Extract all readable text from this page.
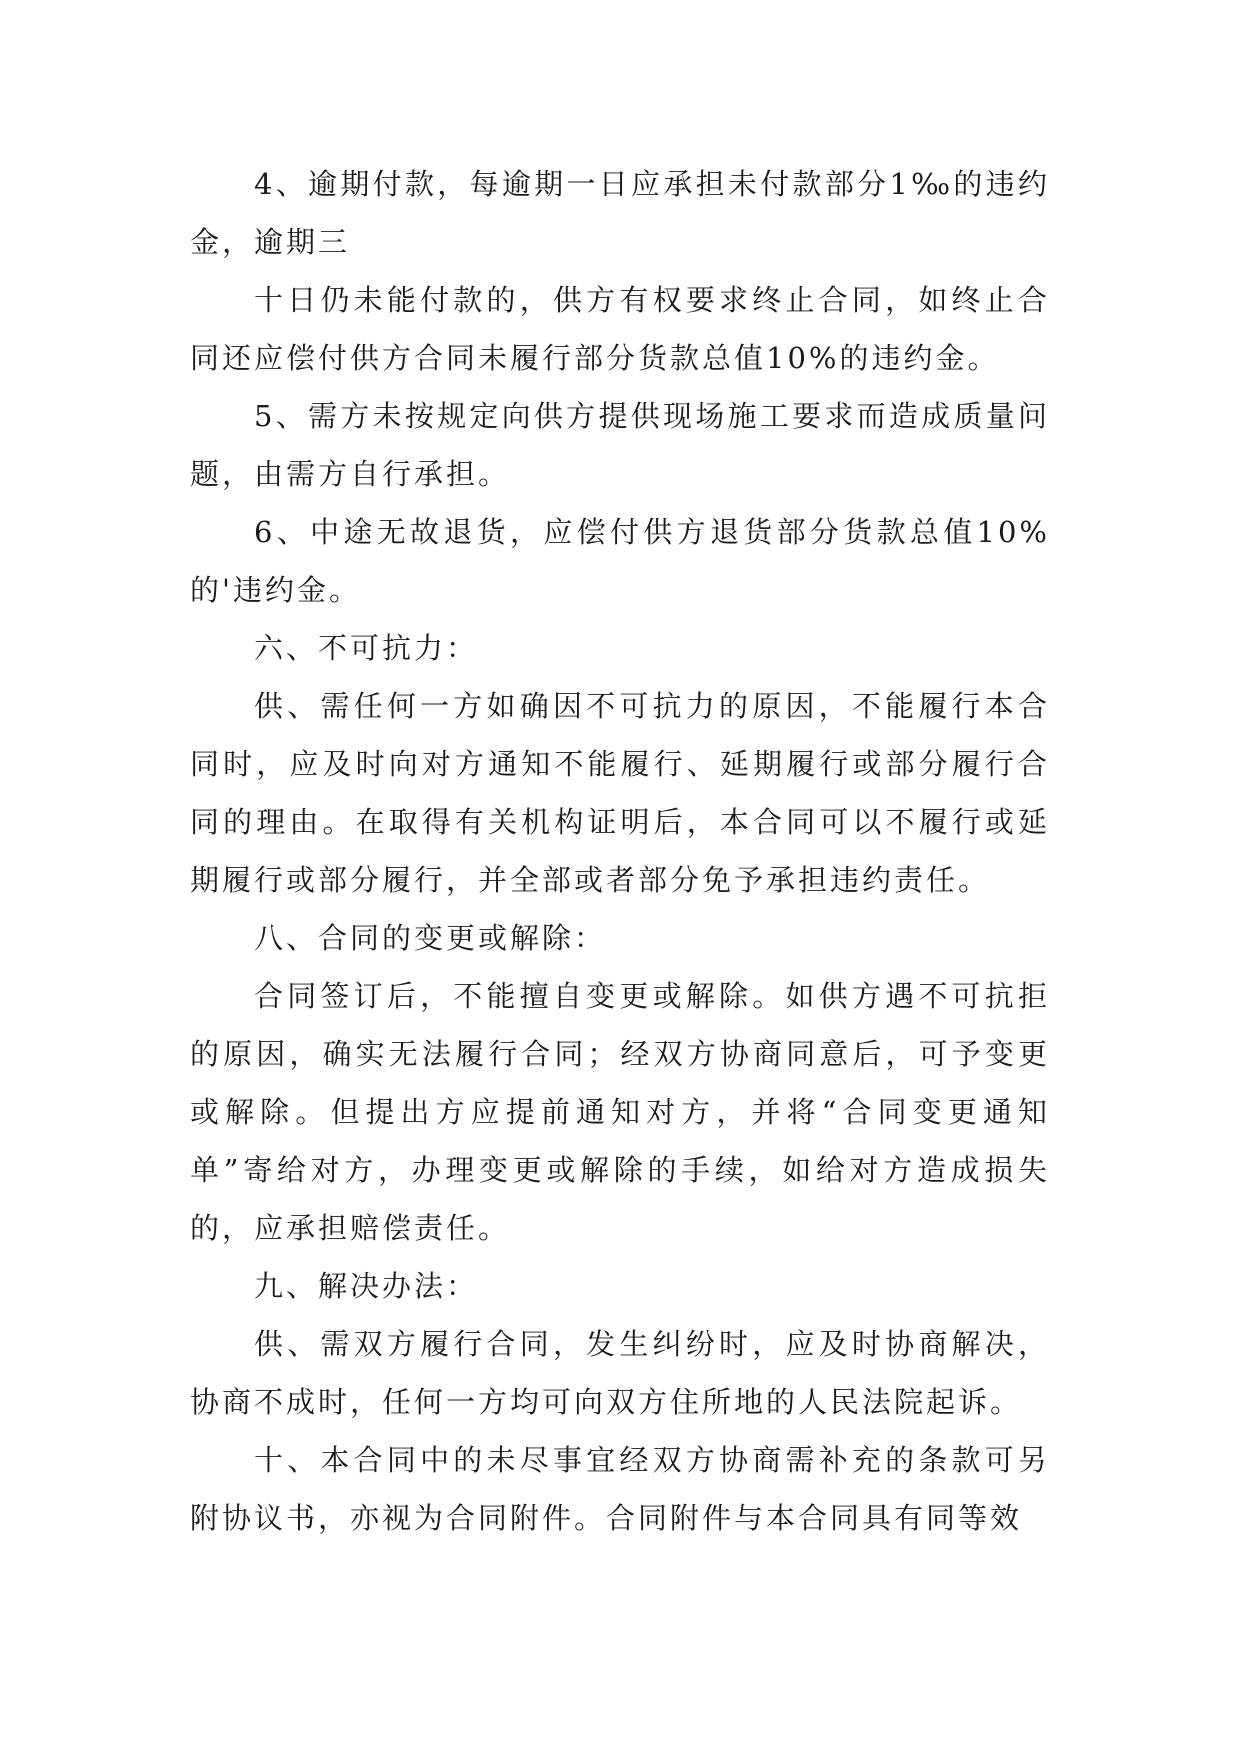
4、逾期付款，每逾期一日应承担未付款部分1‰的违约金，逾期三

十日仍未能付款的，供方有权要求终止合同，如终止合同还应偿付供方合同未履行部分货款总值10%的违约金。

5、需方未按规定向供方提供现场施工要求而造成质量问题，由需方自行承担。

6、中途无故退货，应偿付供方退货部分货款总值10%的'违约金。

六、不可抗力：

供、需任何一方如确因不可抗力的原因，不能履行本合同时，应及时向对方通知不能履行、延期履行或部分履行合同的理由。在取得有关机构证明后，本合同可以不履行或延期履行或部分履行，并全部或者部分免予承担违约责任。

八、合同的变更或解除：

合同签订后，不能擅自变更或解除。如供方遇不可抗拒的原因，确实无法履行合同；经双方协商同意后，可予变更或解除。但提出方应提前通知对方，并将“合同变更通知单”寄给对方，办理变更或解除的手续，如给对方造成损失的，应承担赔偿责任。

九、解决办法：

供、需双方履行合同，发生纠纷时，应及时协商解决，协商不成时，任何一方均可向双方住所地的人民法院起诉。

十、本合同中的未尽事宜经双方协商需补充的条款可另附协议书，亦视为合同附件。合同附件与本合同具有同等效
